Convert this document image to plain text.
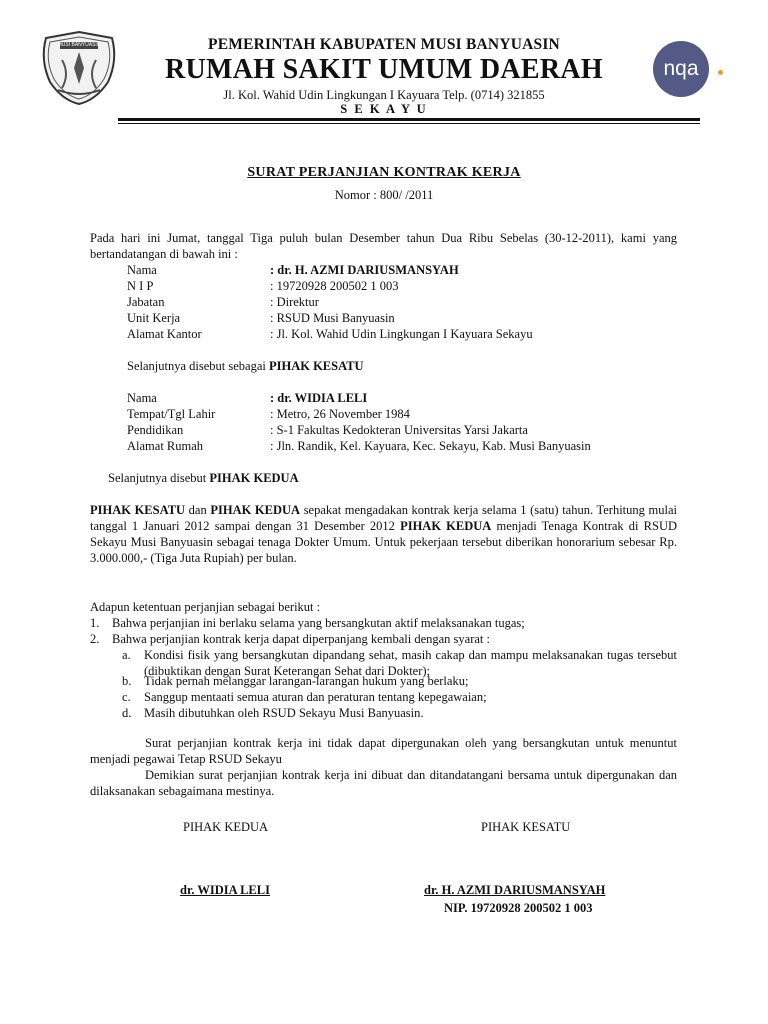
MUSI BANYUASIN	PEMERINTAH KABUPATEN MUSI BANYUASIN
RUMAH SAKIT UMUM DAERAH
Jl. Kol. Wahid Udin Lingkungan I Kayuara Telp. (0714) 321855
S E K A Y U
nqa
SURAT PERJANJIAN KONTRAK KERJA
Nomor : 800/ /2011
Pada hari ini Jumat, tanggal Tiga puluh bulan Desember tahun Dua Ribu Sebelas (30-12-2011), kami yang bertandatangan di bawah ini :
Nama	: dr. H. AZMI DARIUSMANSYAH
N I P	: 19720928 200502 1 003
Jabatan	: Direktur
Unit Kerja	: RSUD Musi Banyuasin
Alamat Kantor	: Jl. Kol. Wahid Udin Lingkungan I Kayuara Sekayu
Selanjutnya disebut sebagai PIHAK KESATU
Nama	: dr. WIDIA LELI
Tempat/Tgl Lahir	: Metro, 26 November 1984
Pendidikan	: S-1 Fakultas Kedokteran Universitas Yarsi Jakarta
Alamat Rumah	: Jln. Randik, Kel. Kayuara, Kec. Sekayu, Kab. Musi Banyuasin
Selanjutnya disebut PIHAK KEDUA
PIHAK KESATU dan PIHAK KEDUA sepakat mengadakan kontrak kerja selama 1 (satu) tahun. Terhitung mulai tanggal 1 Januari 2012 sampai dengan 31 Desember 2012 PIHAK KEDUA menjadi Tenaga Kontrak di RSUD Sekayu Musi Banyuasin sebagai tenaga Dokter Umum. Untuk pekerjaan tersebut diberikan honorarium sebesar Rp. 3.000.000,- (Tiga Juta Rupiah) per bulan.
Adapun ketentuan perjanjian sebagai berikut :
1. Bahwa perjanjian ini berlaku selama yang bersangkutan aktif melaksanakan tugas;
2. Bahwa perjanjian kontrak kerja dapat diperpanjang kembali dengan syarat :
a. Kondisi fisik yang bersangkutan dipandang sehat, masih cakap dan mampu melaksanakan tugas tersebut (dibuktikan dengan Surat Keterangan Sehat dari Dokter);
b. Tidak pernah melanggar larangan-larangan hukum yang berlaku;
c. Sanggup mentaati semua aturan dan peraturan tentang kepegawaian;
d. Masih dibutuhkan oleh RSUD Sekayu Musi Banyuasin.
Surat perjanjian kontrak kerja ini tidak dapat dipergunakan oleh yang bersangkutan untuk menuntut menjadi pegawai Tetap RSUD Sekayu
Demikian surat perjanjian kontrak kerja ini dibuat dan ditandatangani bersama untuk dipergunakan dan dilaksanakan sebagaimana mestinya.
PIHAK KEDUA	PIHAK KESATU
dr. WIDIA LELI	dr. H. AZMI DARIUSMANSYAH
NIP. 19720928 200502 1 003
